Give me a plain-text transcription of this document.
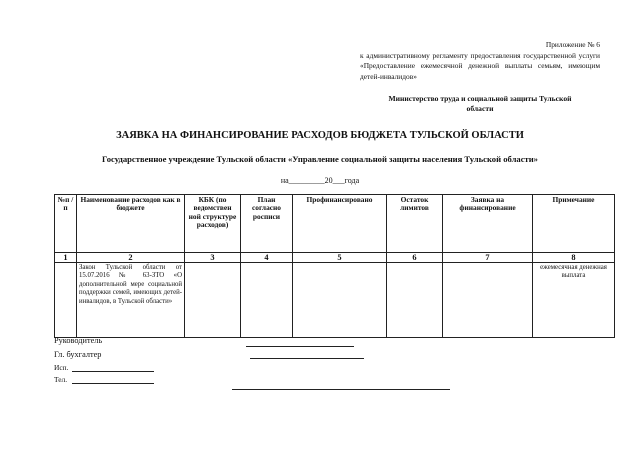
Приложение № 6
к административному регламенту предоставления государственной услуги «Предоставление ежемесячной денежной выплаты семьям, имеющим детей-инвалидов»
Министерство труда и социальной защиты Тульской области
ЗАЯВКА НА ФИНАНСИРОВАНИЕ РАСХОДОВ БЮДЖЕТА ТУЛЬСКОЙ ОБЛАСТИ
Государственное учреждение Тульской области «Управление социальной защиты населения Тульской области»
на_________20___года
№п /п	Наименование расходов как в бюджете	КБК (по ведомствен ной структуре расходов)	План согласно росписи	Профинансировано	Остаток лимитов	Заявка на финансирование	Примечание
1	2	3	4	5	6	7	8
	Закон Тульской области от 15.07.2016 № 63-ЗТО «О дополнительной мере социальной поддержки семей, имеющих детей-инвалидов, в Тульской области»						ежемесячная денежная выплата
Руководитель
Гл. бухгалтер
Исп.
Тел.
